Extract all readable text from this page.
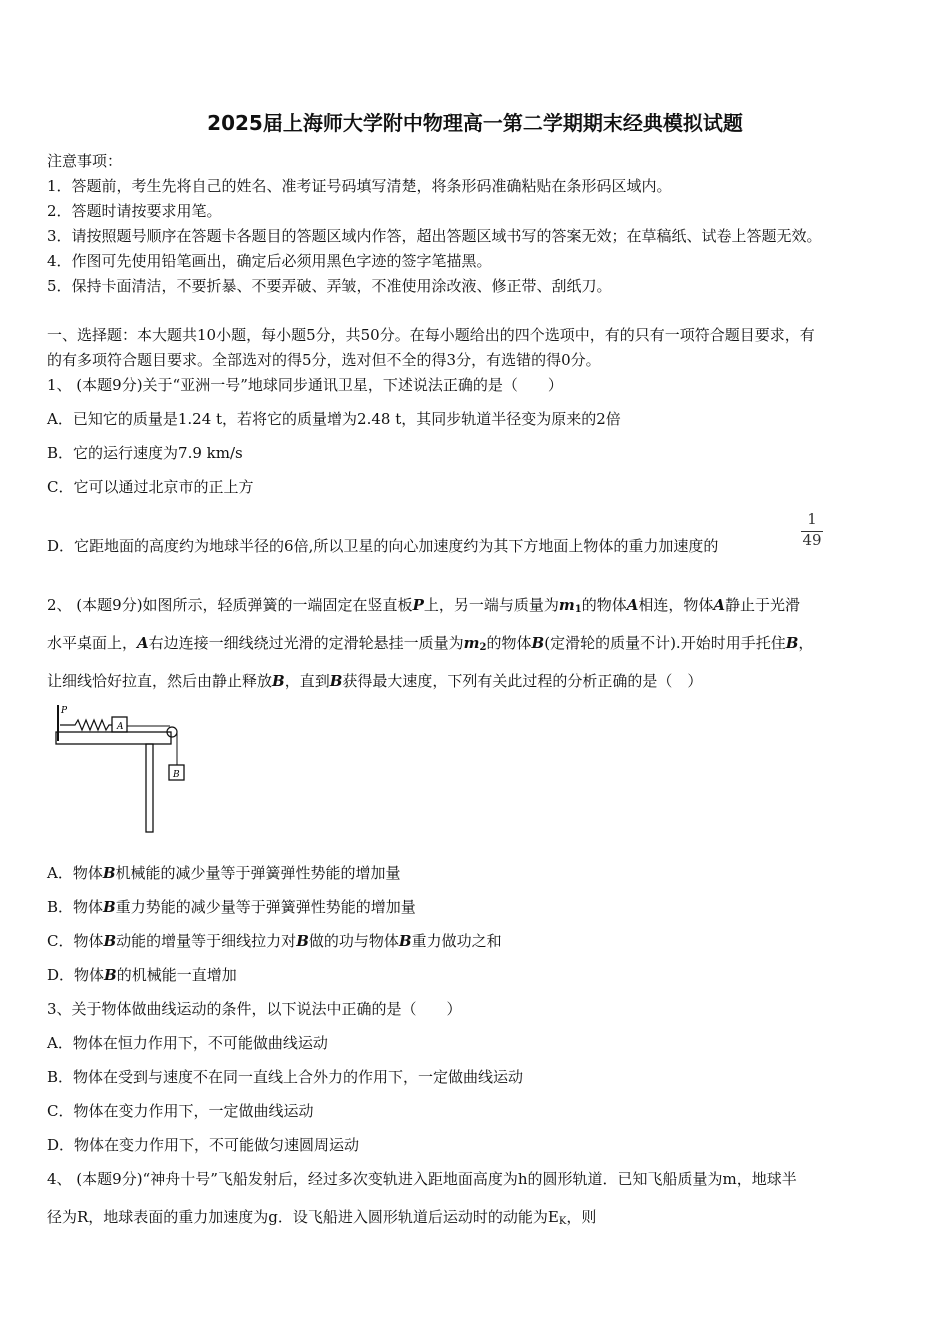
2025届上海师大学附中物理高一第二学期期末经典模拟试题
注意事项：
1．答题前，考生先将自己的姓名、准考证号码填写清楚，将条形码准确粘贴在条形码区域内。
2．答题时请按要求用笔。
3．请按照题号顺序在答题卡各题目的答题区域内作答，超出答题区域书写的答案无效；在草稿纸、试卷上答题无效。
4．作图可先使用铅笔画出，确定后必须用黑色字迹的签字笔描黑。
5．保持卡面清洁，不要折暴、不要弄破、弄皱，不准使用涂改液、修正带、刮纸刀。
一、选择题：本大题共10小题，每小题5分，共50分。在每小题给出的四个选项中，有的只有一项符合题目要求，有
的有多项符合题目要求。全部选对的得5分，选对但不全的得3分，有选错的得0分。
1、 (本题9分)关于“亚洲一号”地球同步通讯卫星，下述说法正确的是（　　）
A．已知它的质量是1.24 t，若将它的质量增为2.48 t，其同步轨道半径变为原来的2倍
B．它的运行速度为7.9 km/s
C．它可以通过北京市的正上方
D．它距地面的高度约为地球半径的6倍,所以卫星的向心加速度约为其下方地面上物体的重力加速度的
1
49
2、 (本题9分)如图所示，轻质弹簧的一端固定在竖直板P上，另一端与质量为$m_1$的物体A相连，物体A静止于光滑
水平桌面上，A右边连接一细线绕过光滑的定滑轮悬挂一质量为$m_2$的物体B(定滑轮的质量不计).开始时用手托住B，
让细线恰好拉直，然后由静止释放B，直到B获得最大速度，下列有关此过程的分析正确的是（　）
P
A
B
A．物体B机械能的减少量等于弹簧弹性势能的增加量
B．物体B重力势能的减少量等于弹簧弹性势能的增加量
C．物体B动能的增量等于细线拉力对B做的功与物体B重力做功之和
D．物体B的机械能一直增加
3、关于物体做曲线运动的条件，以下说法中正确的是（　　）
A．物体在恒力作用下，不可能做曲线运动
B．物体在受到与速度不在同一直线上合外力的作用下，一定做曲线运动
C．物体在变力作用下，一定做曲线运动
D．物体在变力作用下，不可能做匀速圆周运动
4、 (本题9分)“神舟十号”飞船发射后，经过多次变轨进入距地面高度为h的圆形轨道．已知飞船质量为m，地球半
径为R，地球表面的重力加速度为g．设飞船进入圆形轨道后运动时的动能为$E_K$，则
